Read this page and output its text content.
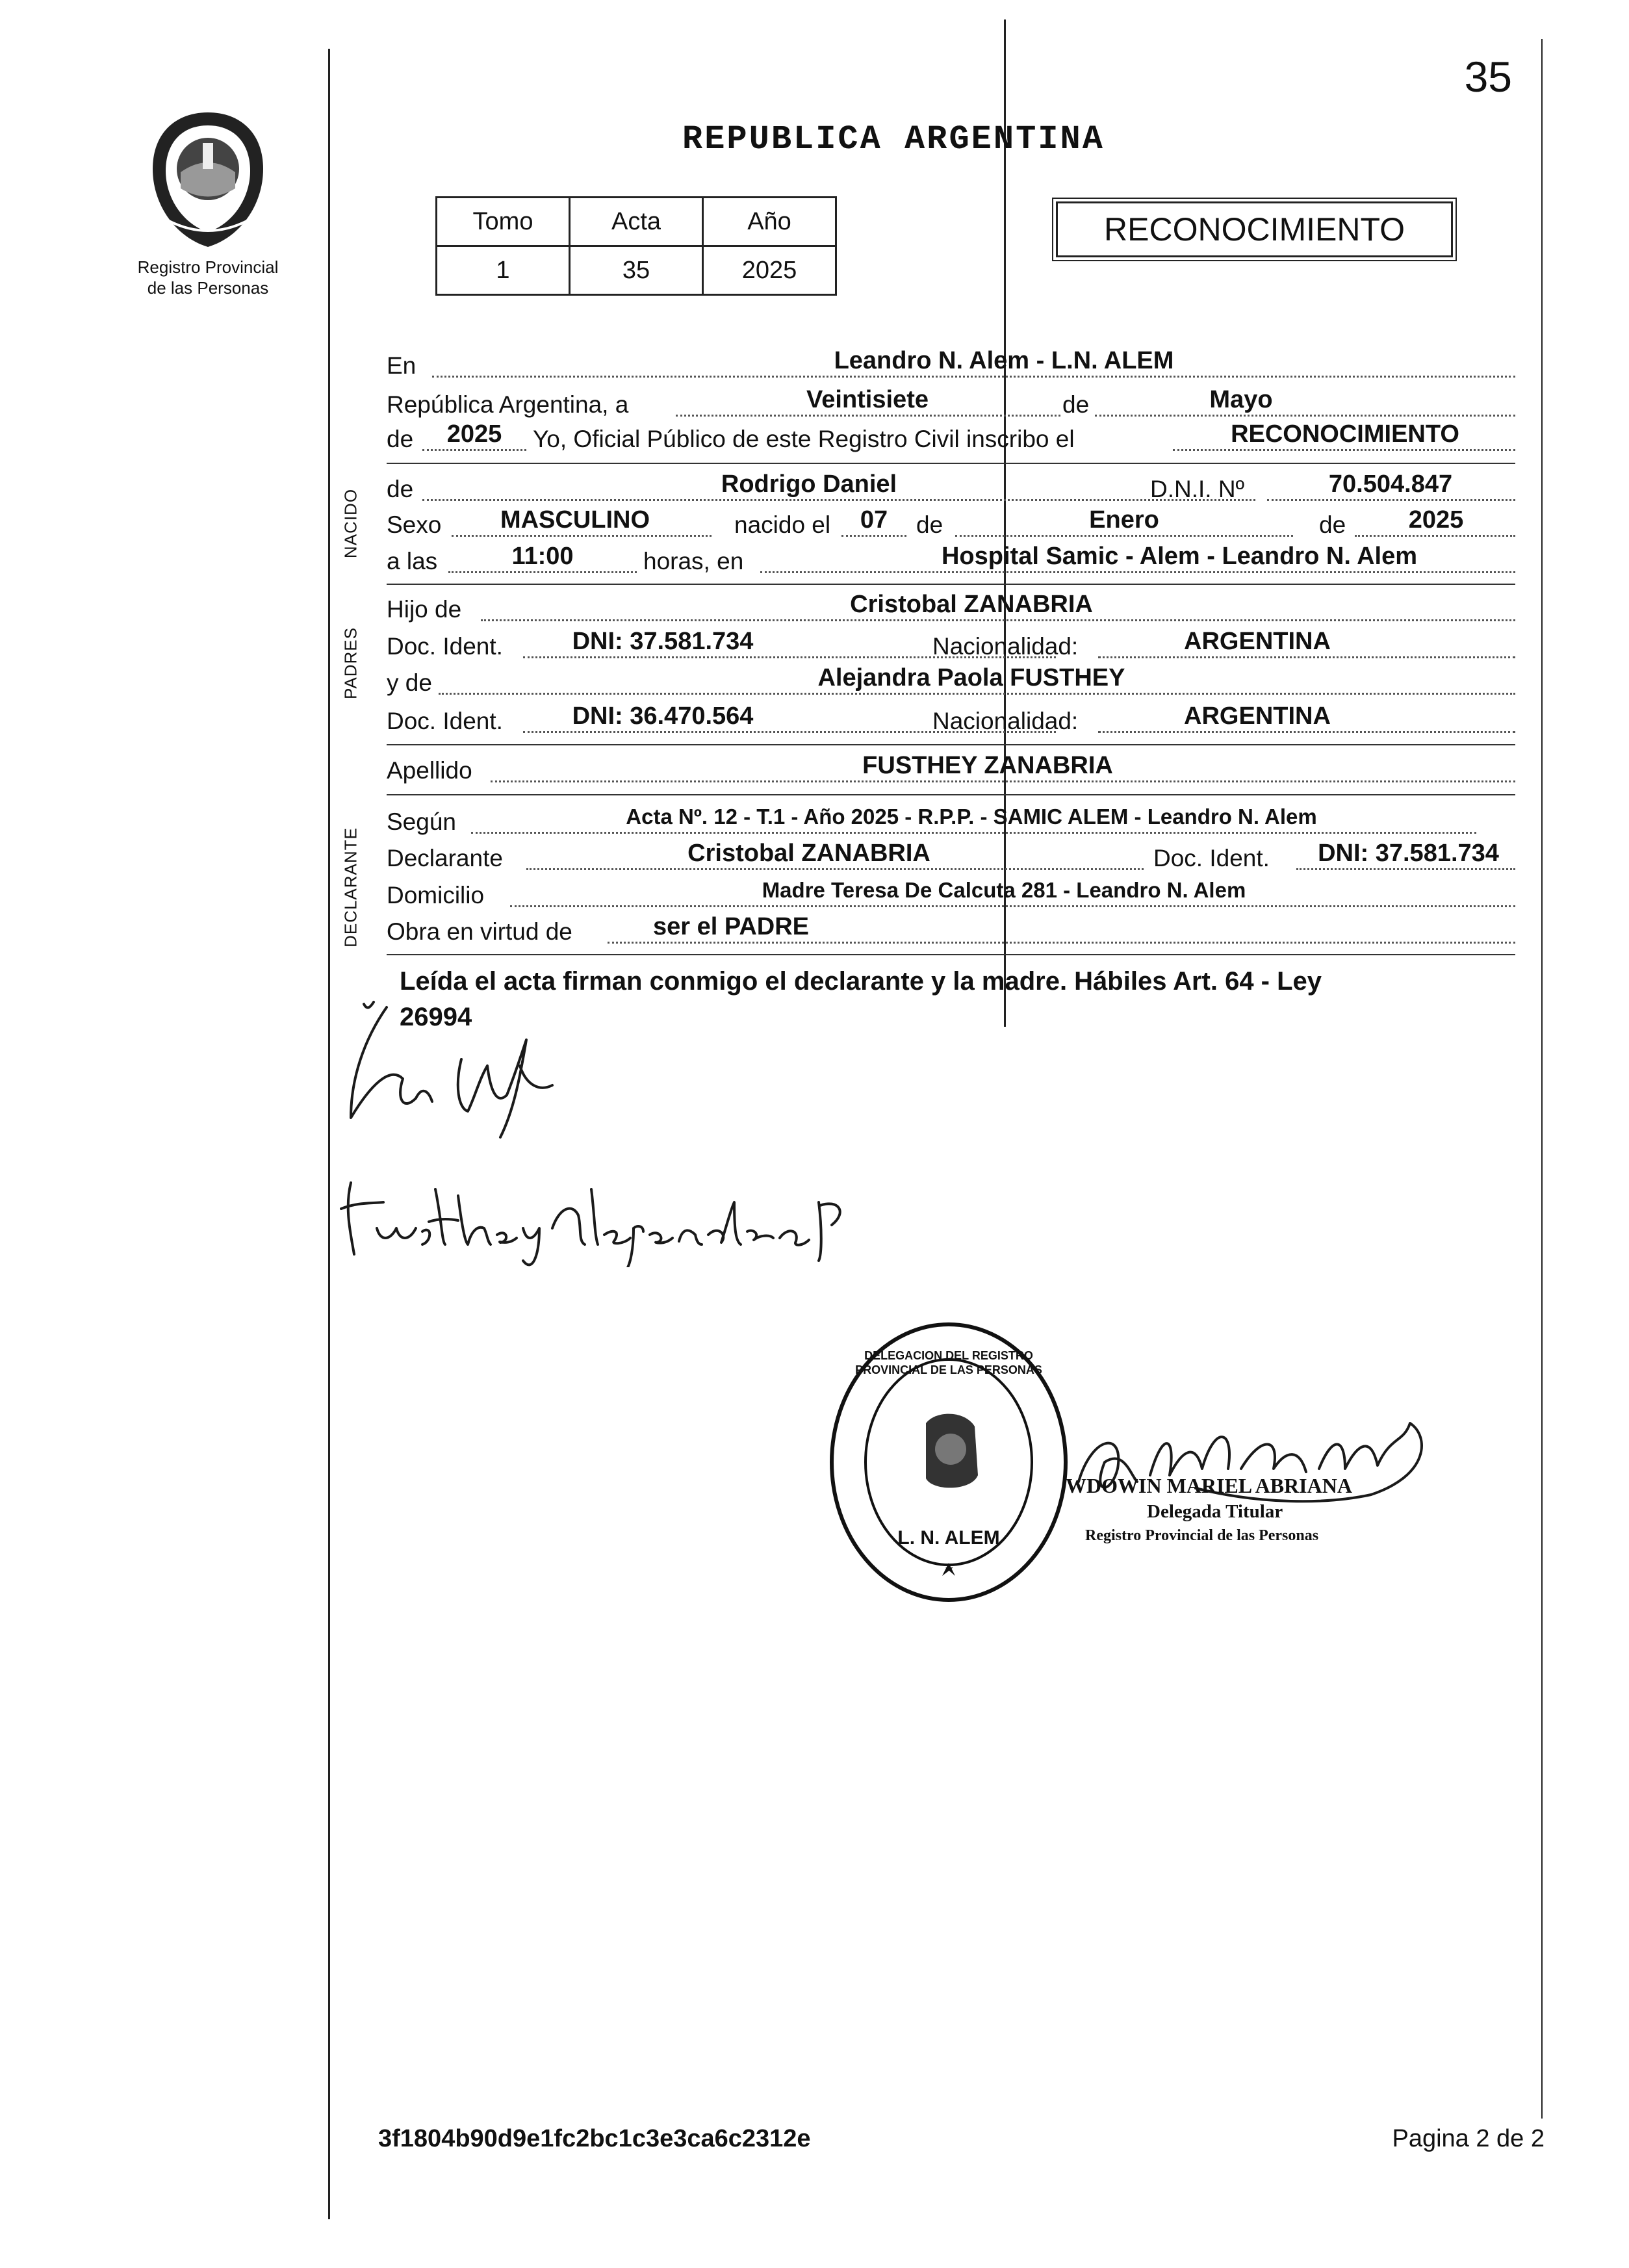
35
Registro Provincial
de las Personas
REPUBLICA ARGENTINA
Tomo	Acta	Año
1	35	2025
RECONOCIMIENTO
NACIDO
PADRES
DECLARANTE
En	Leandro N. Alem - L.N. ALEM
República Argentina, a	Veintisiete	de	Mayo
de	2025	Yo, Oficial Público de este Registro Civil inscribo el	RECONOCIMIENTO
de	Rodrigo Daniel	D.N.I. Nº	70.504.847
Sexo	MASCULINO	nacido el	07	de	Enero	de	2025
a las	11:00	horas, en	Hospital Samic - Alem - Leandro N. Alem
Hijo de	Cristobal ZANABRIA
Doc. Ident.	DNI: 37.581.734	Nacionalidad:	ARGENTINA
y de	Alejandra Paola FUSTHEY
Doc. Ident.	DNI: 36.470.564	Nacionalidad:	ARGENTINA
Apellido	FUSTHEY ZANABRIA
Según	Acta Nº. 12 - T.1 - Año 2025 - R.P.P. - SAMIC ALEM - Leandro N. Alem
Declarante	Cristobal ZANABRIA	Doc. Ident.	DNI: 37.581.734
Domicilio	Madre Teresa De Calcuta 281 - Leandro N. Alem
Obra en virtud de	ser el PADRE
Leída el acta firman conmigo el declarante y la madre. Hábiles Art. 64 - Ley
26994
DELEGACION DEL REGISTRO PROVINCIAL DE LAS PERSONAS
L. N. ALEM
WDOWIN MARIEL ABRIANA
Delegada Titular
Registro Provincial de las Personas
3f1804b90d9e1fc2bc1c3e3ca6c2312e	Pagina 2 de 2
